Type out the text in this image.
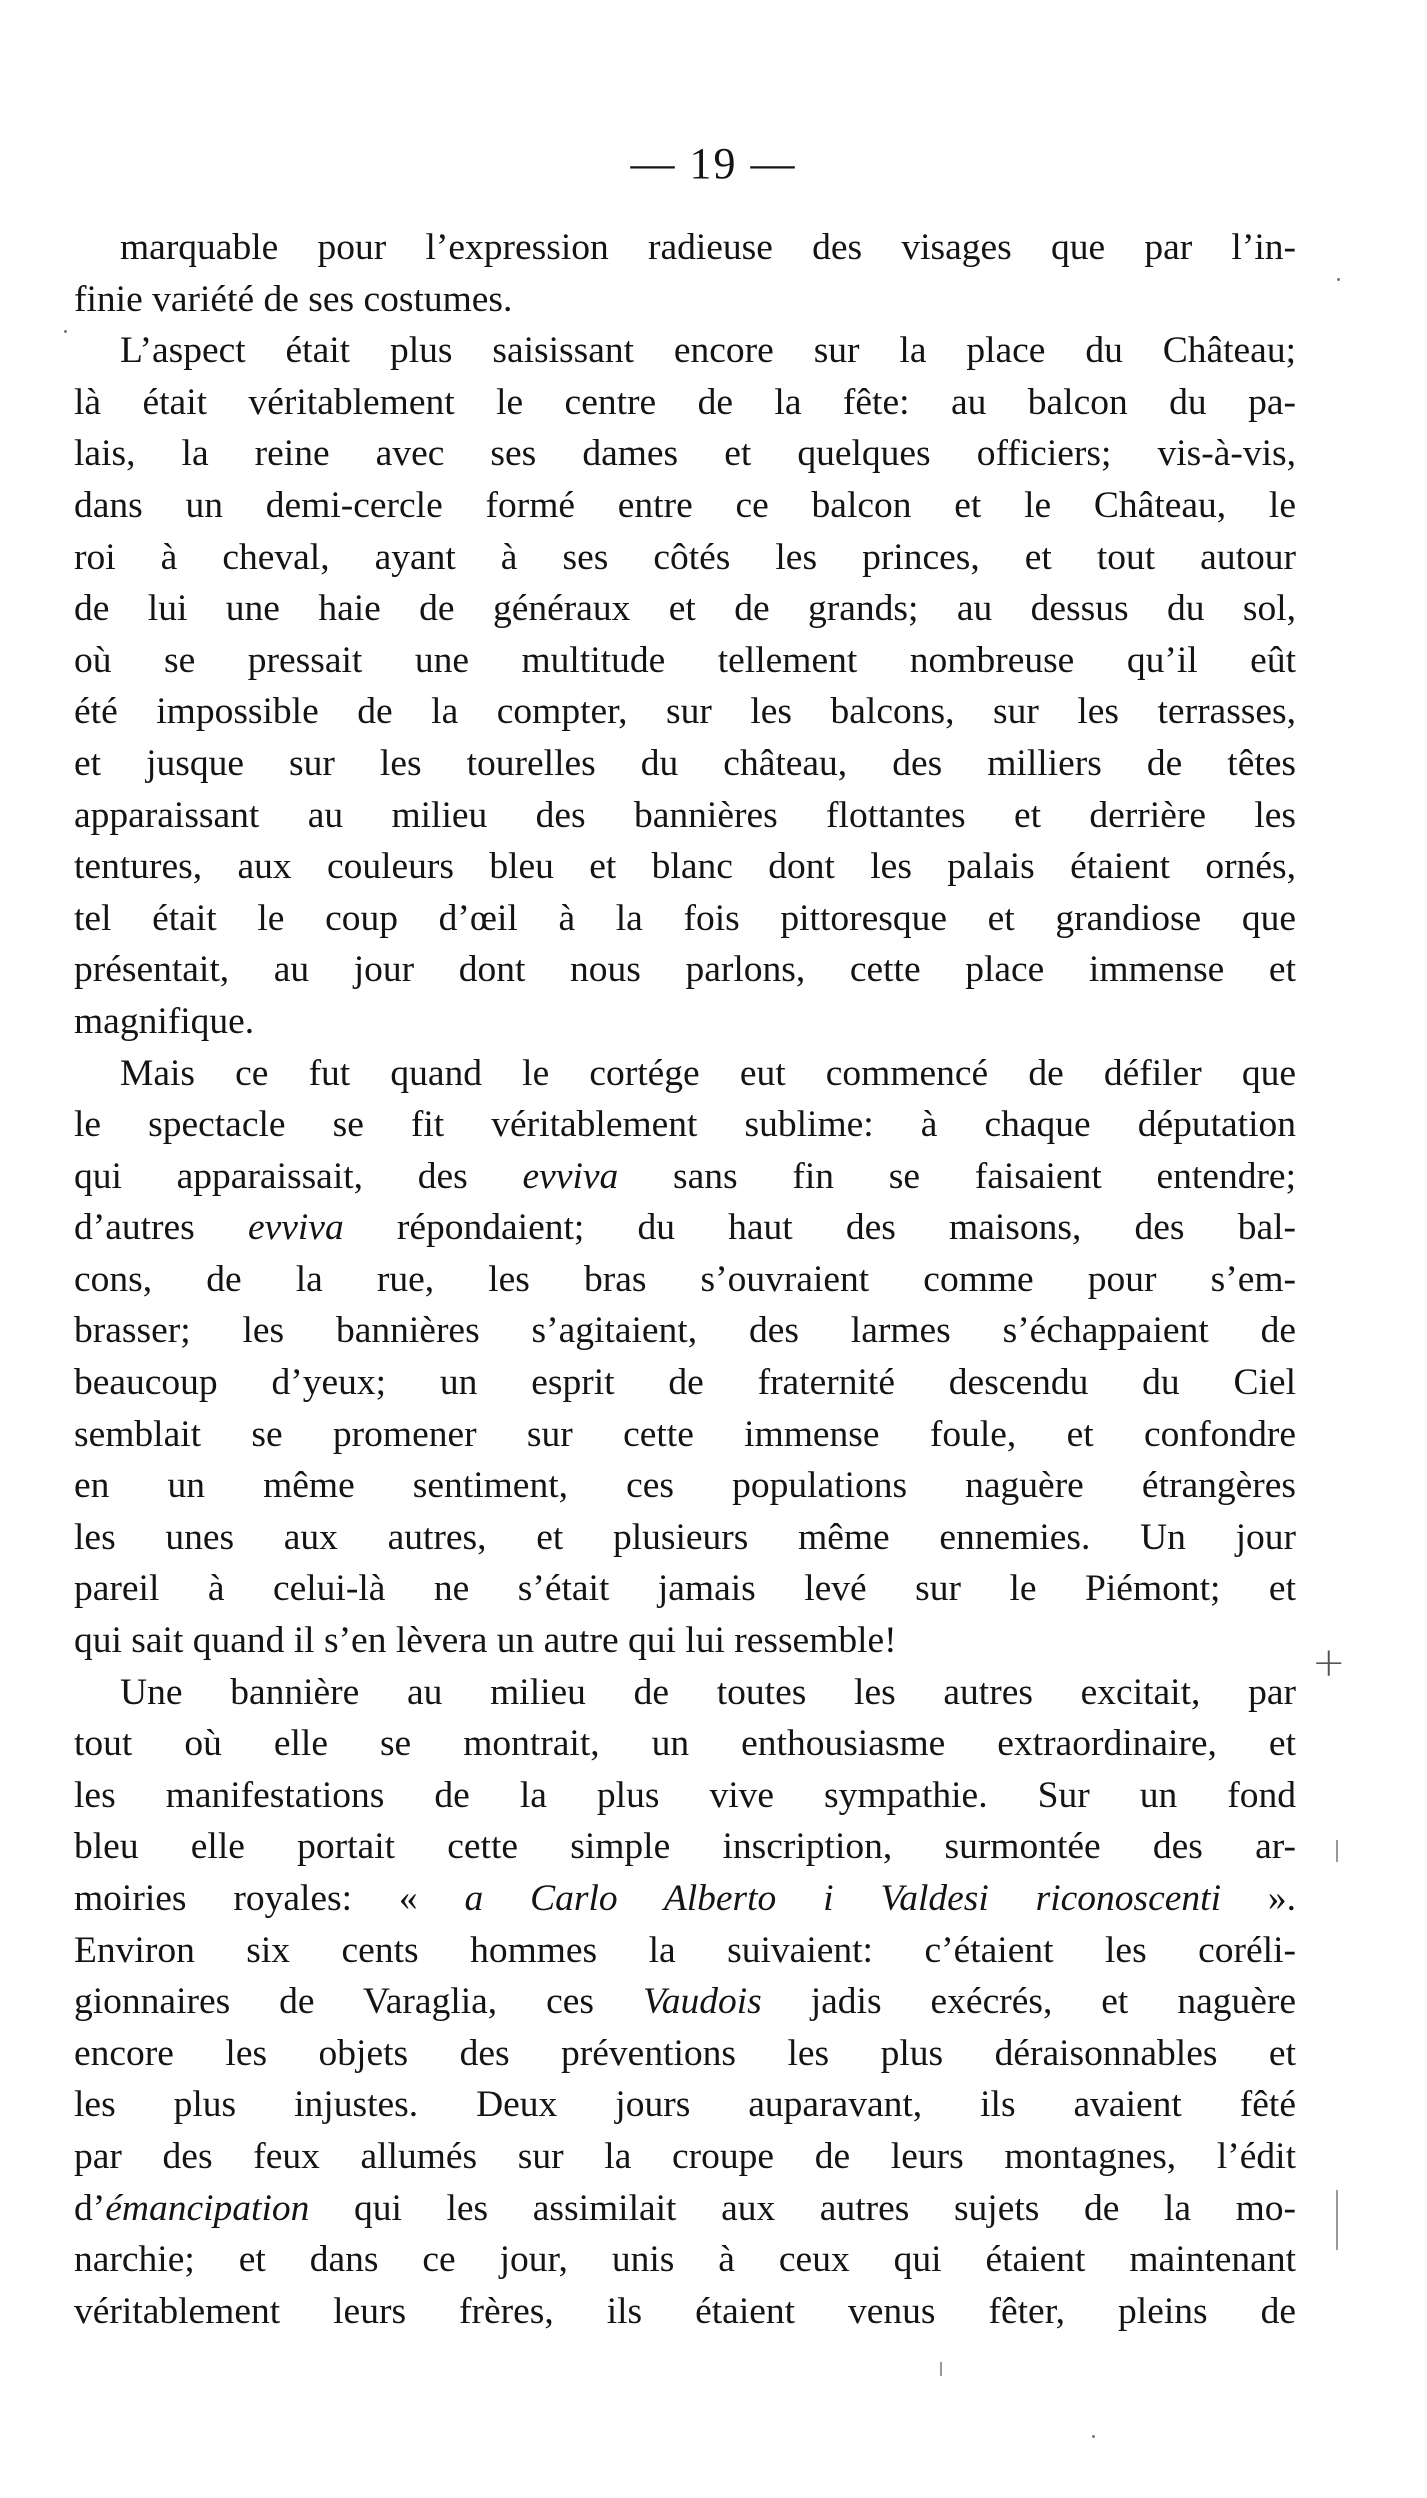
— 19 —
marquable pour l’expression radieuse des visages que par l’in-
finie variété de ses costumes.
L’aspect était plus saisissant encore sur la place du Château;
là était véritablement le centre de la fête: au balcon du pa-
lais, la reine avec ses dames et quelques officiers; vis-à-vis,
dans un demi-cercle formé entre ce balcon et le Château, le
roi à cheval, ayant à ses côtés les princes, et tout autour
de lui une haie de généraux et de grands; au dessus du sol,
où se pressait une multitude tellement nombreuse qu’il eût
été impossible de la compter, sur les balcons, sur les terrasses,
et jusque sur les tourelles du château, des milliers de têtes
apparaissant au milieu des bannières flottantes et derrière les
tentures, aux couleurs bleu et blanc dont les palais étaient ornés,
tel était le coup d’œil à la fois pittoresque et grandiose que
présentait, au jour dont nous parlons, cette place immense et
magnifique.
Mais ce fut quand le cortége eut commencé de défiler que
le spectacle se fit véritablement sublime: à chaque députation
qui apparaissait, des evviva sans fin se faisaient entendre;
d’autres evviva répondaient; du haut des maisons, des bal-
cons, de la rue, les bras s’ouvraient comme pour s’em-
brasser; les bannières s’agitaient, des larmes s’échappaient de
beaucoup d’yeux; un esprit de fraternité descendu du Ciel
semblait se promener sur cette immense foule, et confondre
en un même sentiment, ces populations naguère étrangères
les unes aux autres, et plusieurs même ennemies. Un jour
pareil à celui-là ne s’était jamais levé sur le Piémont; et
qui sait quand il s’en lèvera un autre qui lui ressemble!
Une bannière au milieu de toutes les autres excitait, par
tout où elle se montrait, un enthousiasme extraordinaire, et
les manifestations de la plus vive sympathie. Sur un fond
bleu elle portait cette simple inscription, surmontée des ar-
moiries royales: « a Carlo Alberto i Valdesi riconoscenti ».
Environ six cents hommes la suivaient: c’étaient les coréli-
gionnaires de Varaglia, ces Vaudois jadis exécrés, et naguère
encore les objets des préventions les plus déraisonnables et
les plus injustes. Deux jours auparavant, ils avaient fêté
par des feux allumés sur la croupe de leurs montagnes, l’édit
d’émancipation qui les assimilait aux autres sujets de la mo-
narchie; et dans ce jour, unis à ceux qui étaient maintenant
véritablement leurs frères, ils étaient venus fêter, pleins de
+
